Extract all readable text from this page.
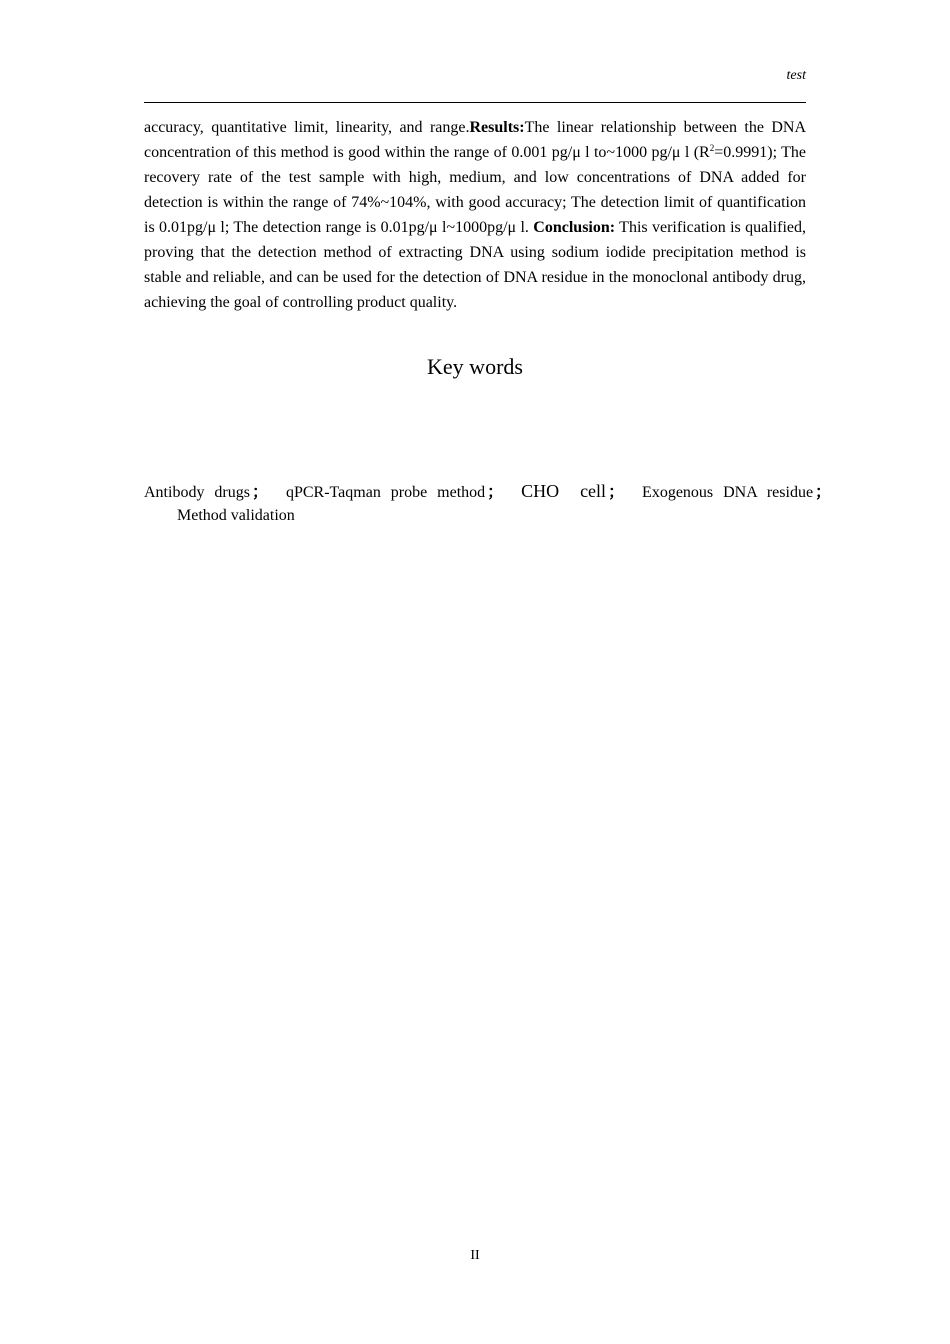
test

accuracy, quantitative limit, linearity, and range.Results:The linear relationship between the DNA concentration of this method is good within the range of 0.001 pg/μ l to~1000 pg/μ l $(R^2=0.9991)$; The recovery rate of the test sample with high, medium, and low concentrations of DNA added for detection is within the range of 74%~104%, with good accuracy; The detection limit of quantification is 0.01pg/μ l; The detection range is 0.01pg/μ l~1000pg/μ l. Conclusion: This verification is qualified, proving that the detection method of extracting DNA using sodium iodide precipitation method is stable and reliable, and can be used for the detection of DNA residue in the monoclonal antibody drug, achieving the goal of controlling product quality.

Key words

Antibody drugs ； qPCR-Taqman probe method ； CHO  cell ； Exogenous DNA residue ； Method validation

II
